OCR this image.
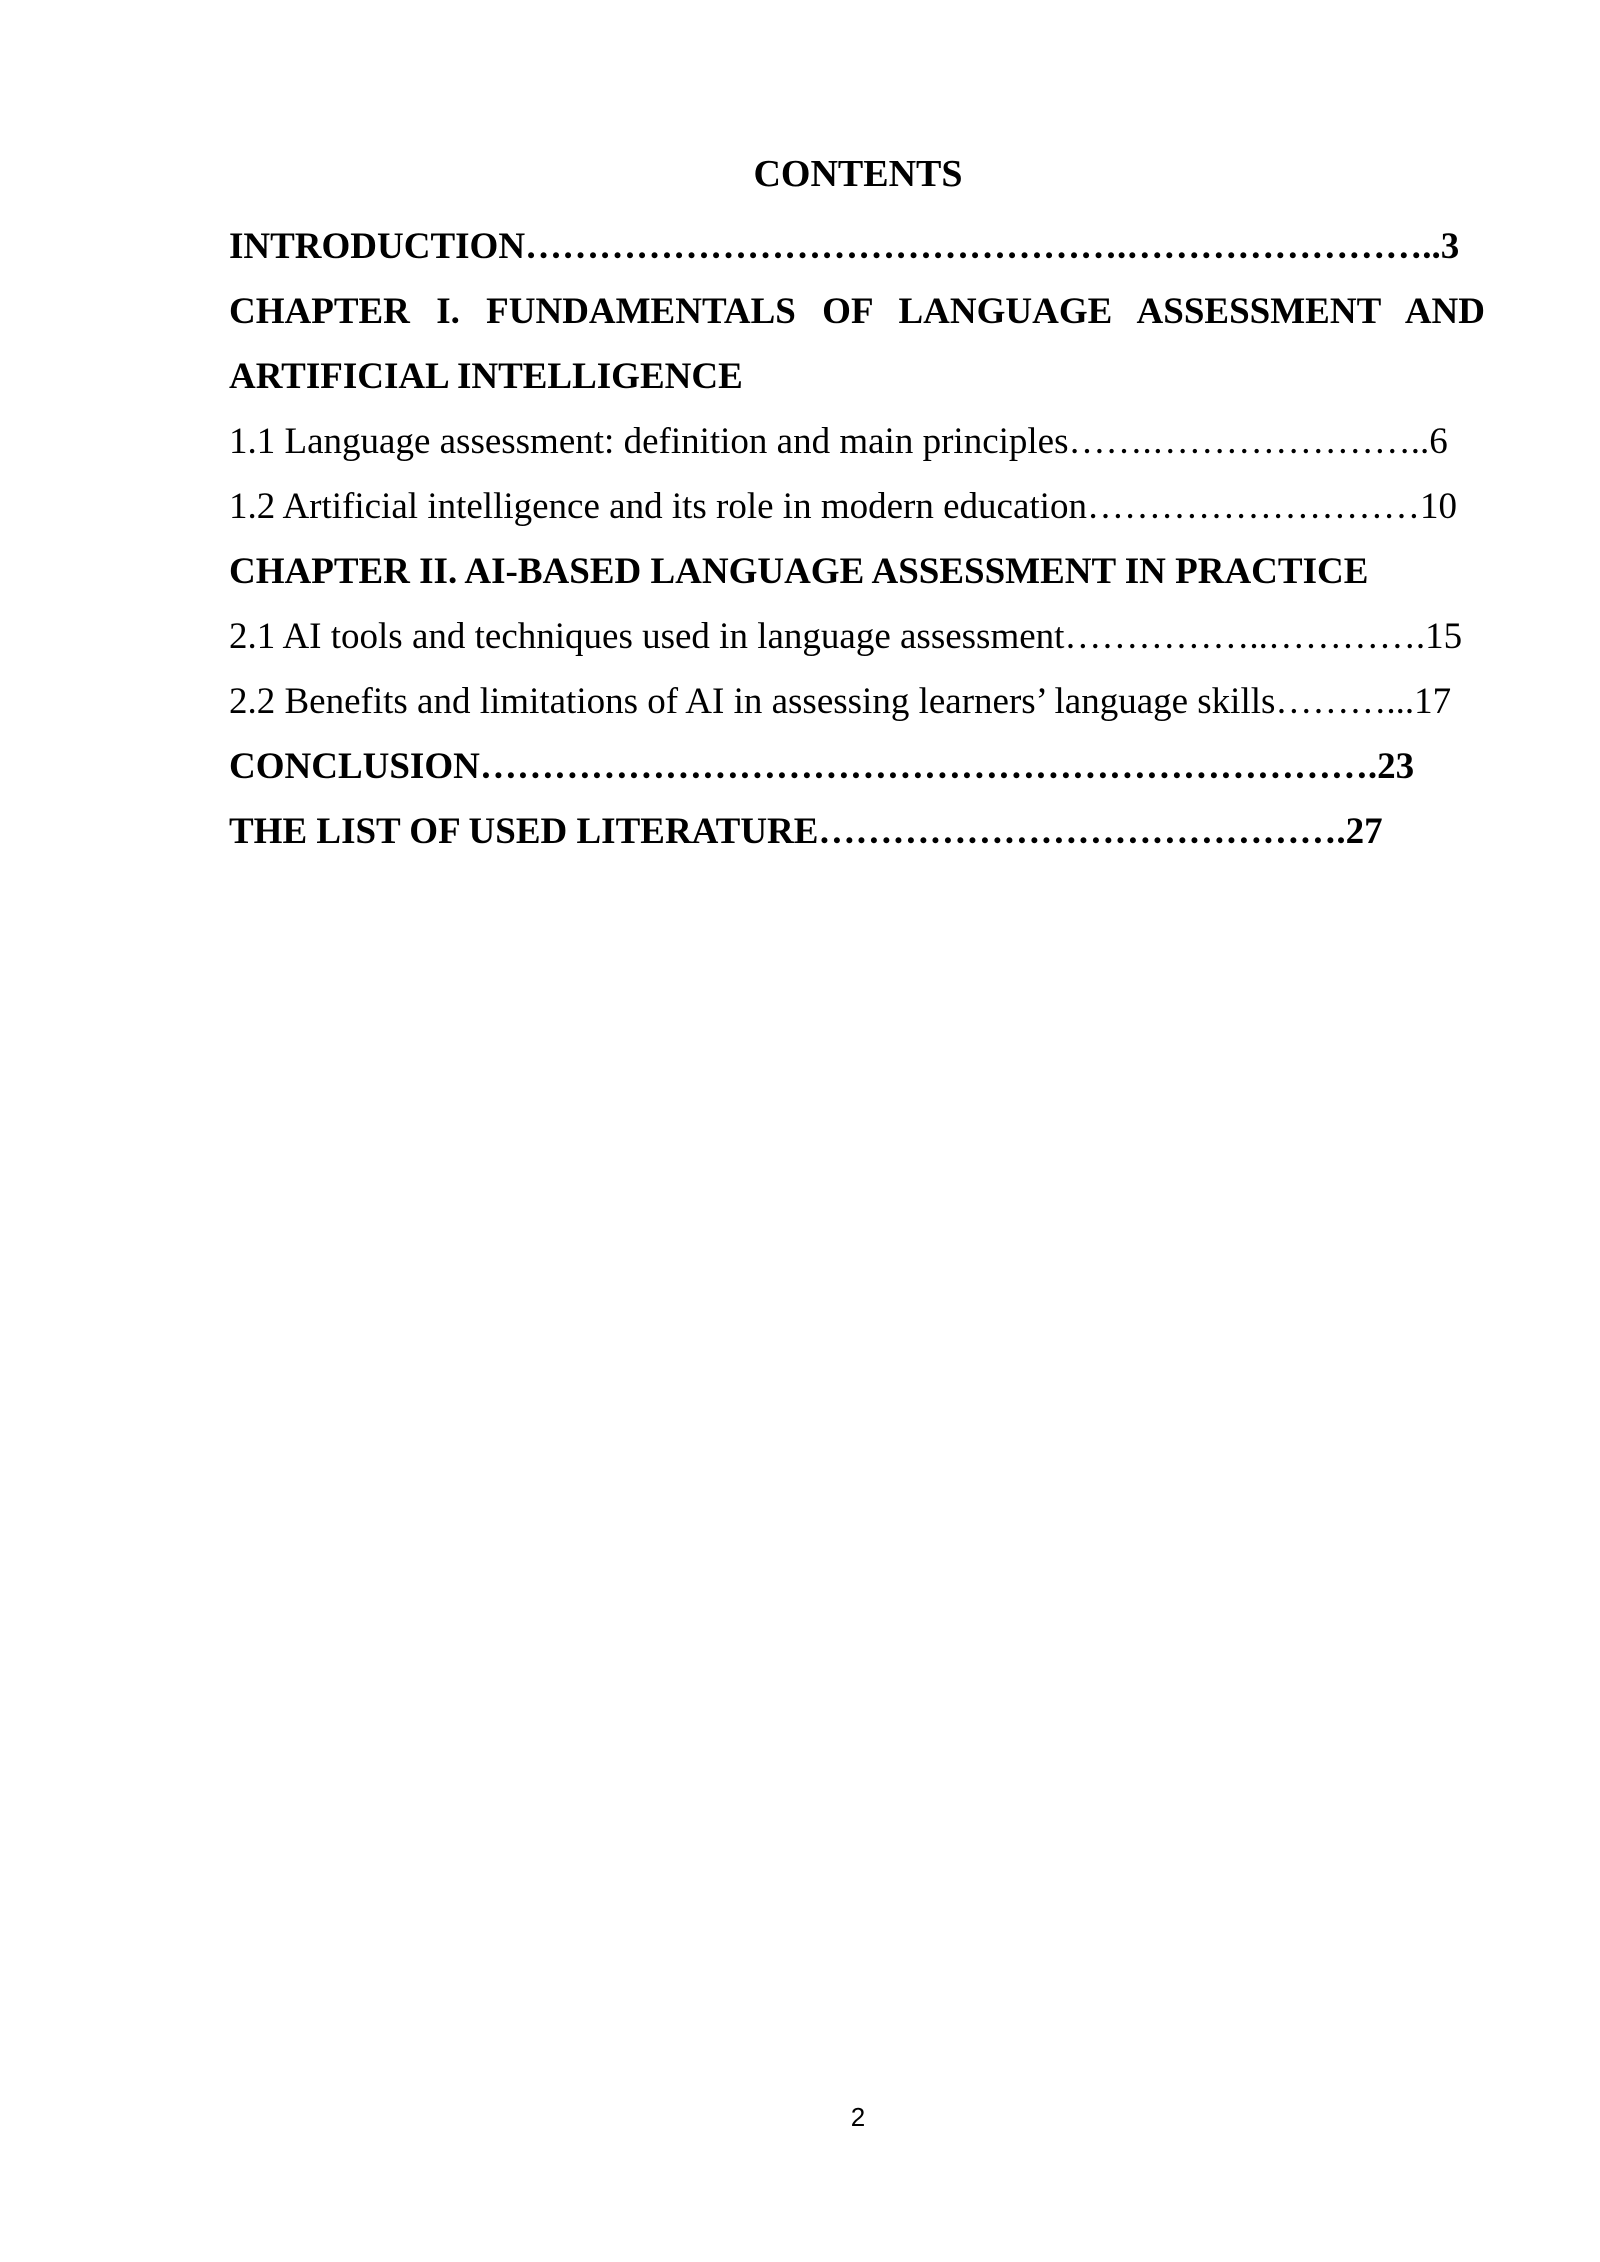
CONTENTS
INTRODUCTION………………………………………….……………………..3
CHAPTER I. FUNDAMENTALS OF LANGUAGE ASSESSMENT AND
ARTIFICIAL INTELLIGENCE
1.1 Language assessment: definition and main principles…….…………………..6
1.2 Artificial intelligence and its role in modern education………………………10
CHAPTER II. AI-BASED LANGUAGE ASSESSMENT IN PRACTICE
2.1 AI tools and techniques used in language assessment……………..………….15
2.2 Benefits and limitations of AI in assessing learners’ language skills………...17
CONCLUSION……………………………………………………………….23
THE LIST OF USED LITERATURE…………………………………….27
2
